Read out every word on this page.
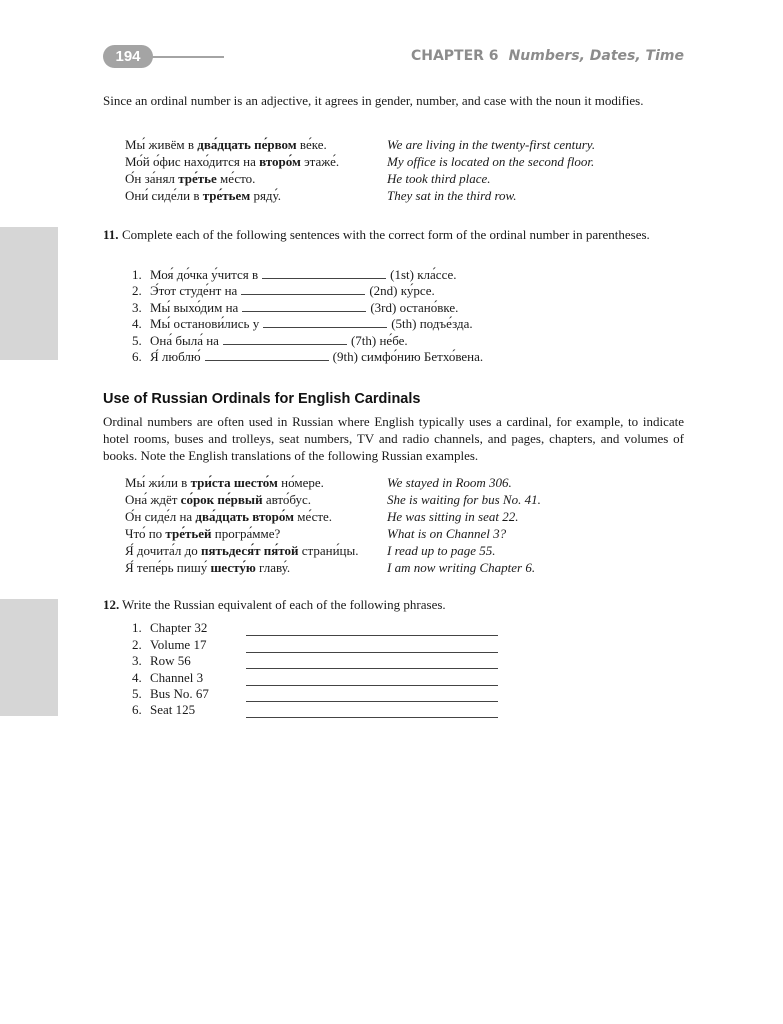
194	CHAPTER 6 Numbers, Dates, Time
Since an ordinal number is an adjective, it agrees in gender, number, and case with the noun it modifies.
Мы́ живём в два́дцать пе́рвом ве́ке.	We are living in the twenty-first century.
Мо́й о́фис нахо́дится на второ́м этаже́.	My office is located on the second floor.
О́н за́нял тре́тье ме́сто.	He took third place.
Они́ сиде́ли в тре́тьем ряду́.	They sat in the third row.
11. Complete each of the following sentences with the correct form of the ordinal number in parentheses.
1. Моя́ до́чка у́чится в	(1st) кла́ссе.
2. Э́тот студе́нт на	(2nd) ку́рсе.
3. Мы́ выхо́дим на	(3rd) остано́вке.
4. Мы́ останови́лись у	(5th) подъе́зда.
5. Она́ была́ на	(7th) не́бе.
6. Я́ люблю́	(9th) симфо́нию Бетхо́вена.
Use of Russian Ordinals for English Cardinals
Ordinal numbers are often used in Russian where English typically uses a cardinal, for example, to indicate hotel rooms, buses and trolleys, seat numbers, TV and radio channels, and pages, chapters, and volumes of books. Note the English translations of the following Russian examples.
Мы́ жи́ли в три́ста шесто́м но́мере.	We stayed in Room 306.
Она́ ждёт со́рок пе́рвый авто́бус.	She is waiting for bus No. 41.
О́н сиде́л на два́дцать второ́м ме́сте.	He was sitting in seat 22.
Что́ по тре́тьей програ́мме?	What is on Channel 3?
Я́ дочита́л до пятьдеся́т пя́той страни́цы.	I read up to page 55.
Я́ тепе́рь пишу́ шесту́ю главу́.	I am now writing Chapter 6.
12. Write the Russian equivalent of each of the following phrases.
1. Chapter 32
2. Volume 17
3. Row 56
4. Channel 3
5. Bus No. 67
6. Seat 125
